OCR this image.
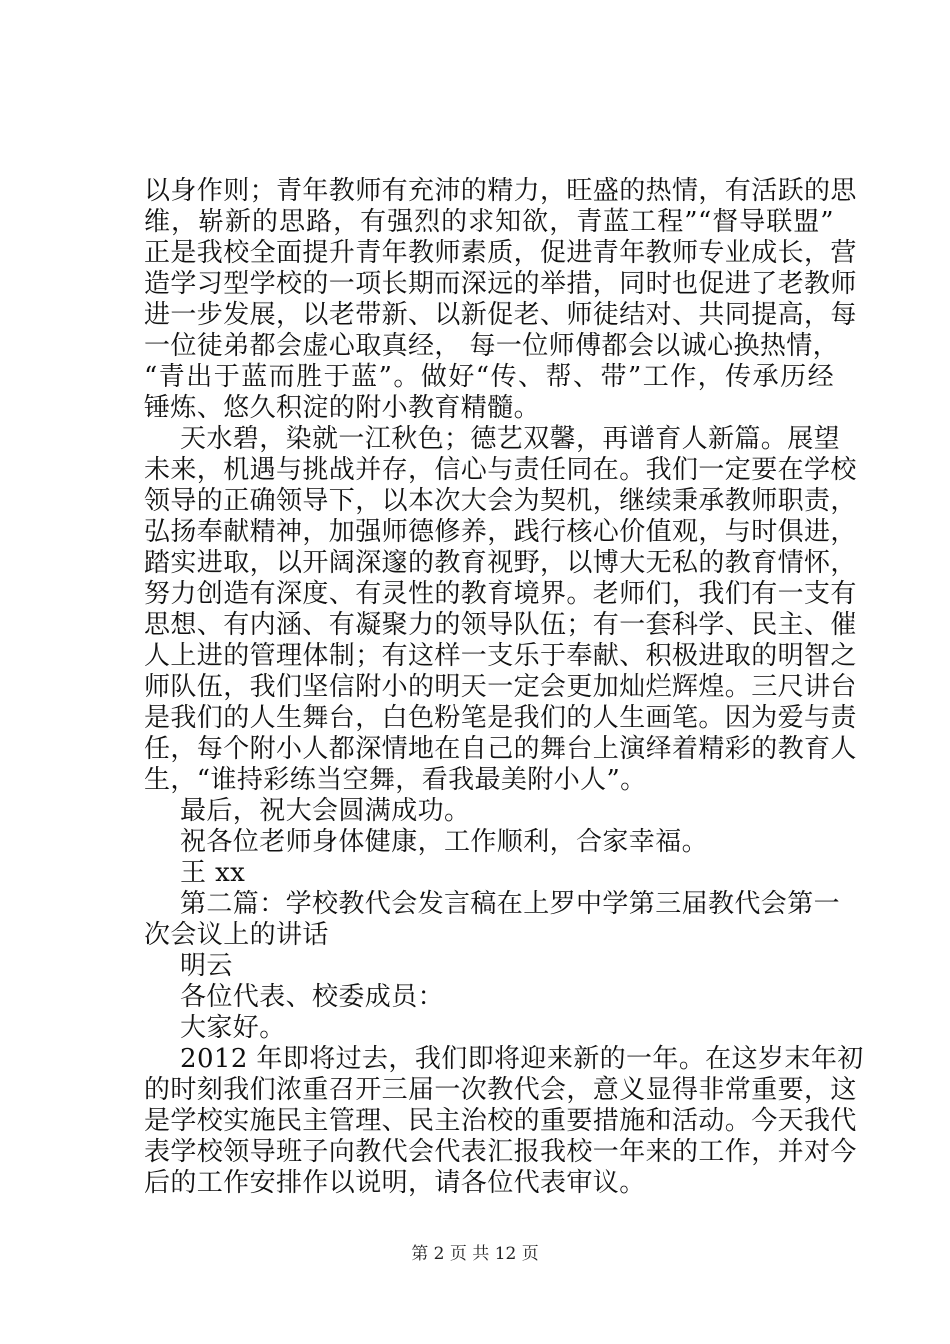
以身作则；青年教师有充沛的精力，旺盛的热情，有活跃的思
维，崭新的思路，有强烈的求知欲，青蓝工程”“督导联盟”
正是我校全面提升青年教师素质，促进青年教师专业成长，营
造学习型学校的一项长期而深远的举措，同时也促进了老教师
进一步发展，以老带新、以新促老、师徒结对、共同提高，每
一位徒弟都会虚心取真经， 每一位师傅都会以诚心换热情，
“青出于蓝而胜于蓝”。做好“传、帮、带”工作，传承历经
锤炼、悠久积淀的附小教育精髓。
天水碧，染就一江秋色；德艺双馨，再谱育人新篇。展望
未来，机遇与挑战并存，信心与责任同在。我们一定要在学校
领导的正确领导下，以本次大会为契机，继续秉承教师职责，
弘扬奉献精神，加强师德修养，践行核心价值观，与时俱进，
踏实进取，以开阔深邃的教育视野，以博大无私的教育情怀，
努力创造有深度、有灵性的教育境界。老师们，我们有一支有
思想、有内涵、有凝聚力的领导队伍；有一套科学、民主、催
人上进的管理体制；有这样一支乐于奉献、积极进取的明智之
师队伍，我们坚信附小的明天一定会更加灿烂辉煌。三尺讲台
是我们的人生舞台，白色粉笔是我们的人生画笔。因为爱与责
任，每个附小人都深情地在自己的舞台上演绎着精彩的教育人
生，“谁持彩练当空舞，看我最美附小人”。
最后，祝大会圆满成功。
祝各位老师身体健康，工作顺利，合家幸福。
王 xx
第二篇：学校教代会发言稿在上罗中学第三届教代会第一
次会议上的讲话
明云
各位代表、校委成员：
大家好。
2012 年即将过去，我们即将迎来新的一年。在这岁末年初
的时刻我们浓重召开三届一次教代会，意义显得非常重要，这
是学校实施民主管理、民主治校的重要措施和活动。今天我代
第 2 页 共 12 页
表学校领导班子向教代会代表汇报我校一年来的工作，并对今
后的工作安排作以说明，请各位代表审议。
